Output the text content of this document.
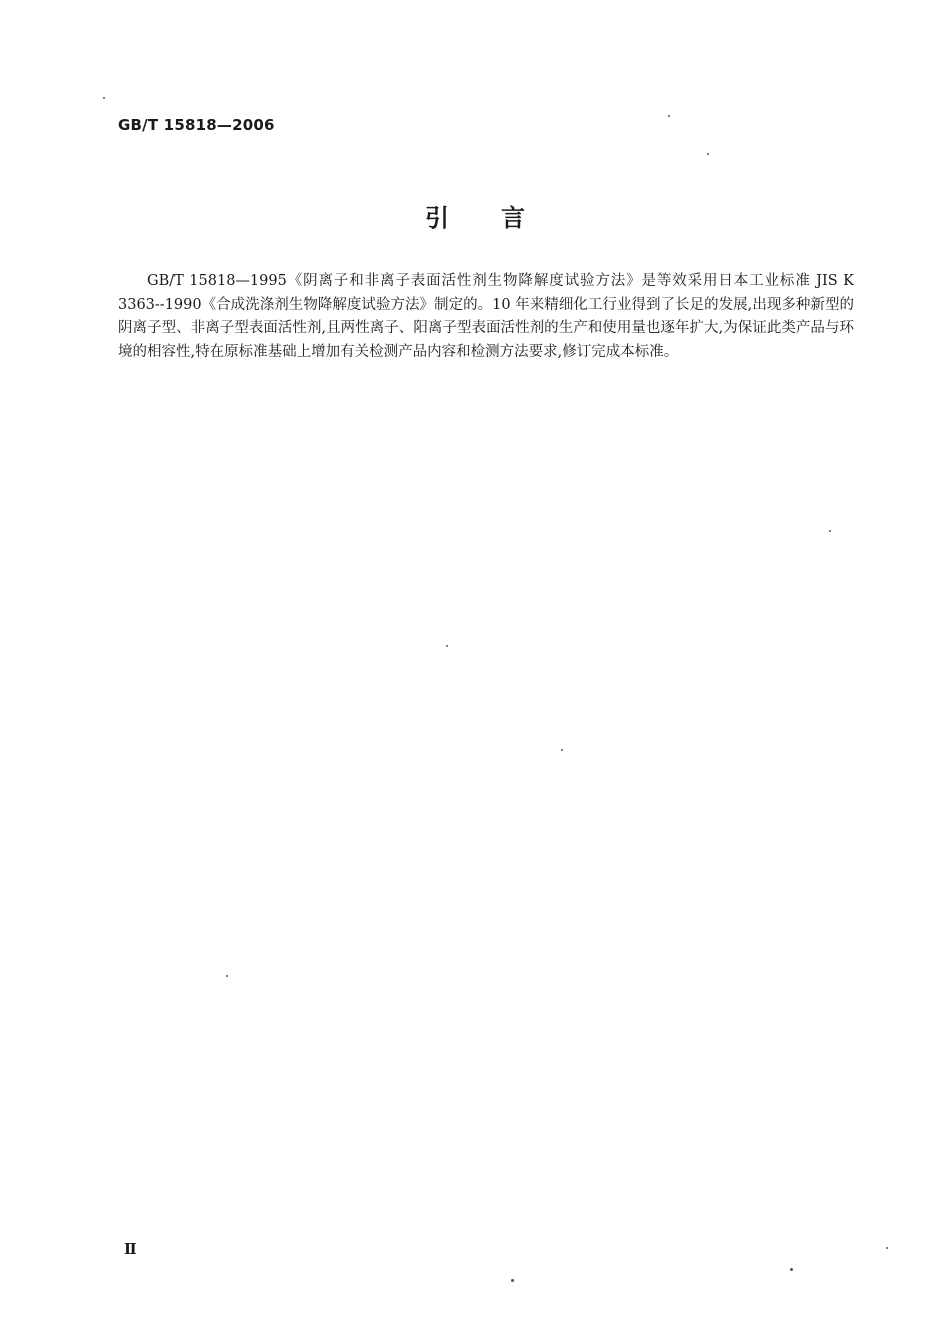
GB/T 15818—2006
引言

GB/T 15818—1995《阴离子和非离子表面活性剂生物降解度试验方法》是等效采用日本工业标准 JIS K 3363--1990《合成洗涤剂生物降解度试验方法》制定的。10 年来精细化工行业得到了长足的发展,出现多种新型的阴离子型、非离子型表面活性剂,且两性离子、阳离子型表面活性剂的生产和使用量也逐年扩大,为保证此类产品与环境的相容性,特在原标准基础上增加有关检测产品内容和检测方法要求,修订完成本标准。

Ⅱ
